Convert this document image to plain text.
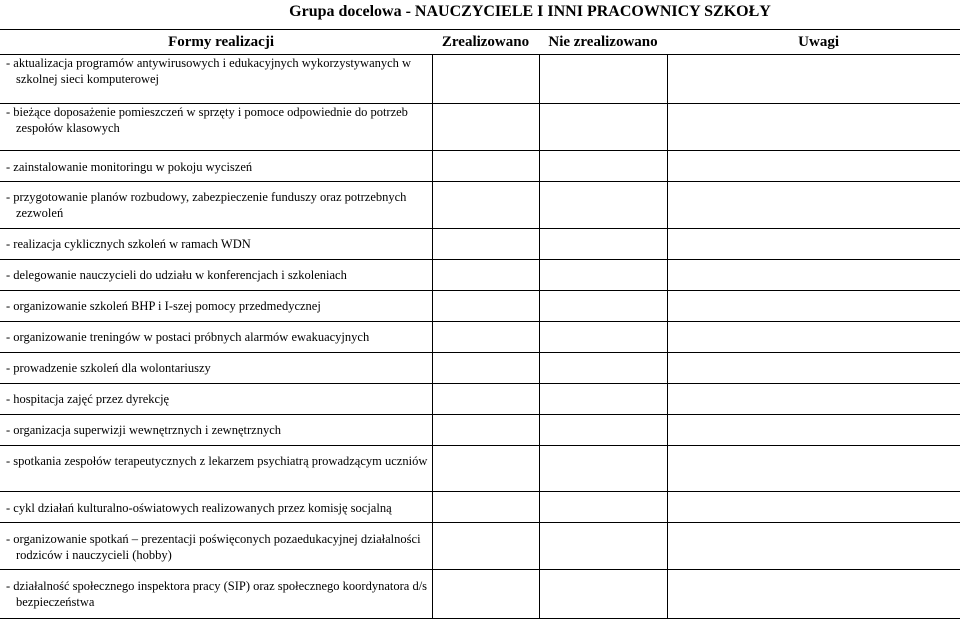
Grupa docelowa - NAUCZYCIELE I INNI PRACOWNICY SZKOŁY
Formy realizacji	Zrealizowano	Nie zrealizowano	Uwagi

- aktualizacja programów antywirusowych i edukacyjnych wykorzystywanych w szkolnej sieci komputerowej			

- bieżące doposażenie pomieszczeń w sprzęty i pomoce odpowiednie do potrzeb zespołów klasowych			

- zainstalowanie monitoringu w pokoju wyciszeń			

- przygotowanie planów rozbudowy, zabezpieczenie funduszy oraz potrzebnych zezwoleń			

- realizacja cyklicznych szkoleń w ramach WDN			

- delegowanie nauczycieli do udziału w konferencjach i szkoleniach			

- organizowanie szkoleń BHP i I-szej pomocy przedmedycznej			

- organizowanie treningów w postaci próbnych alarmów ewakuacyjnych			

- prowadzenie szkoleń dla wolontariuszy			

- hospitacja zajęć przez dyrekcję			

- organizacja superwizji wewnętrznych i zewnętrznych			

- spotkania zespołów terapeutycznych z lekarzem psychiatrą prowadzącym uczniów			

- cykl działań kulturalno-oświatowych realizowanych przez komisję socjalną			

- organizowanie spotkań – prezentacji poświęconych pozaedukacyjnej działalności rodziców i nauczycieli (hobby)			

- działalność społecznego inspektora pracy (SIP) oraz społecznego koordynatora d/s bezpieczeństwa			
